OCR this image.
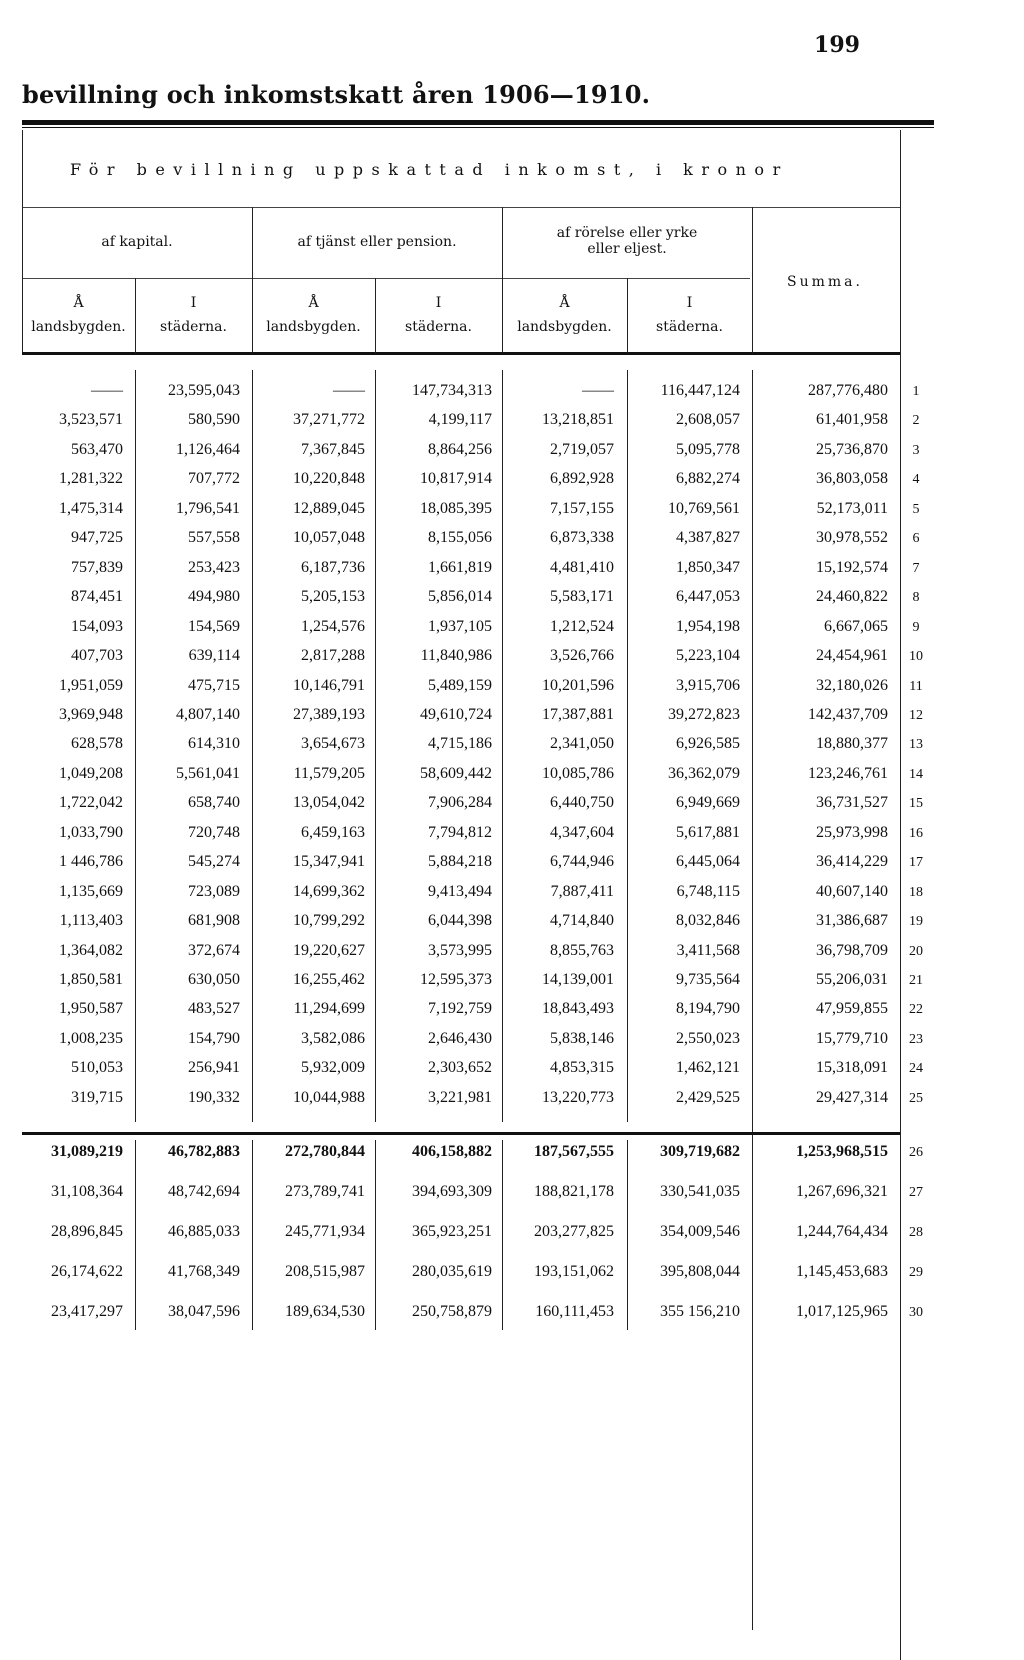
199
bevillning och inkomstskatt åren 1906—1910.
För bevillning uppskattad inkomst, i kronor
Summa.
af kapital.	af tjänst eller pension.
af rörelse eller yrke
eller eljest.
Å
landsbygden.
I
städerna.
Å
landsbygden.
I
städerna.
Å
landsbygden.
I
städerna.
——	23,595,043	——	147,734,313	——	116,447,124	287,776,480	1
3,523,571	580,590	37,271,772	4,199,117	13,218,851	2,608,057	61,401,958	2
563,470	1,126,464	7,367,845	8,864,256	2,719,057	5,095,778	25,736,870	3
1,281,322	707,772	10,220,848	10,817,914	6,892,928	6,882,274	36,803,058	4
1,475,314	1,796,541	12,889,045	18,085,395	7,157,155	10,769,561	52,173,011	5
947,725	557,558	10,057,048	8,155,056	6,873,338	4,387,827	30,978,552	6
757,839	253,423	6,187,736	1,661,819	4,481,410	1,850,347	15,192,574	7
874,451	494,980	5,205,153	5,856,014	5,583,171	6,447,053	24,460,822	8
154,093	154,569	1,254,576	1,937,105	1,212,524	1,954,198	6,667,065	9
407,703	639,114	2,817,288	11,840,986	3,526,766	5,223,104	24,454,961	10
1,951,059	475,715	10,146,791	5,489,159	10,201,596	3,915,706	32,180,026	11
3,969,948	4,807,140	27,389,193	49,610,724	17,387,881	39,272,823	142,437,709	12
628,578	614,310	3,654,673	4,715,186	2,341,050	6,926,585	18,880,377	13
1,049,208	5,561,041	11,579,205	58,609,442	10,085,786	36,362,079	123,246,761	14
1,722,042	658,740	13,054,042	7,906,284	6,440,750	6,949,669	36,731,527	15
1,033,790	720,748	6,459,163	7,794,812	4,347,604	5,617,881	25,973,998	16
1 446,786	545,274	15,347,941	5,884,218	6,744,946	6,445,064	36,414,229	17
1,135,669	723,089	14,699,362	9,413,494	7,887,411	6,748,115	40,607,140	18
1,113,403	681,908	10,799,292	6,044,398	4,714,840	8,032,846	31,386,687	19
1,364,082	372,674	19,220,627	3,573,995	8,855,763	3,411,568	36,798,709	20
1,850,581	630,050	16,255,462	12,595,373	14,139,001	9,735,564	55,206,031	21
1,950,587	483,527	11,294,699	7,192,759	18,843,493	8,194,790	47,959,855	22
1,008,235	154,790	3,582,086	2,646,430	5,838,146	2,550,023	15,779,710	23
510,053	256,941	5,932,009	2,303,652	4,853,315	1,462,121	15,318,091	24
319,715	190,332	10,044,988	3,221,981	13,220,773	2,429,525	29,427,314	25
31,089,219	46,782,883	272,780,844	406,158,882	187,567,555	309,719,682	1,253,968,515	26
31,108,364	48,742,694	273,789,741	394,693,309	188,821,178	330,541,035	1,267,696,321	27
28,896,845	46,885,033	245,771,934	365,923,251	203,277,825	354,009,546	1,244,764,434	28
26,174,622	41,768,349	208,515,987	280,035,619	193,151,062	395,808,044	1,145,453,683	29
23,417,297	38,047,596	189,634,530	250,758,879	160,111,453	355 156,210	1,017,125,965	30
